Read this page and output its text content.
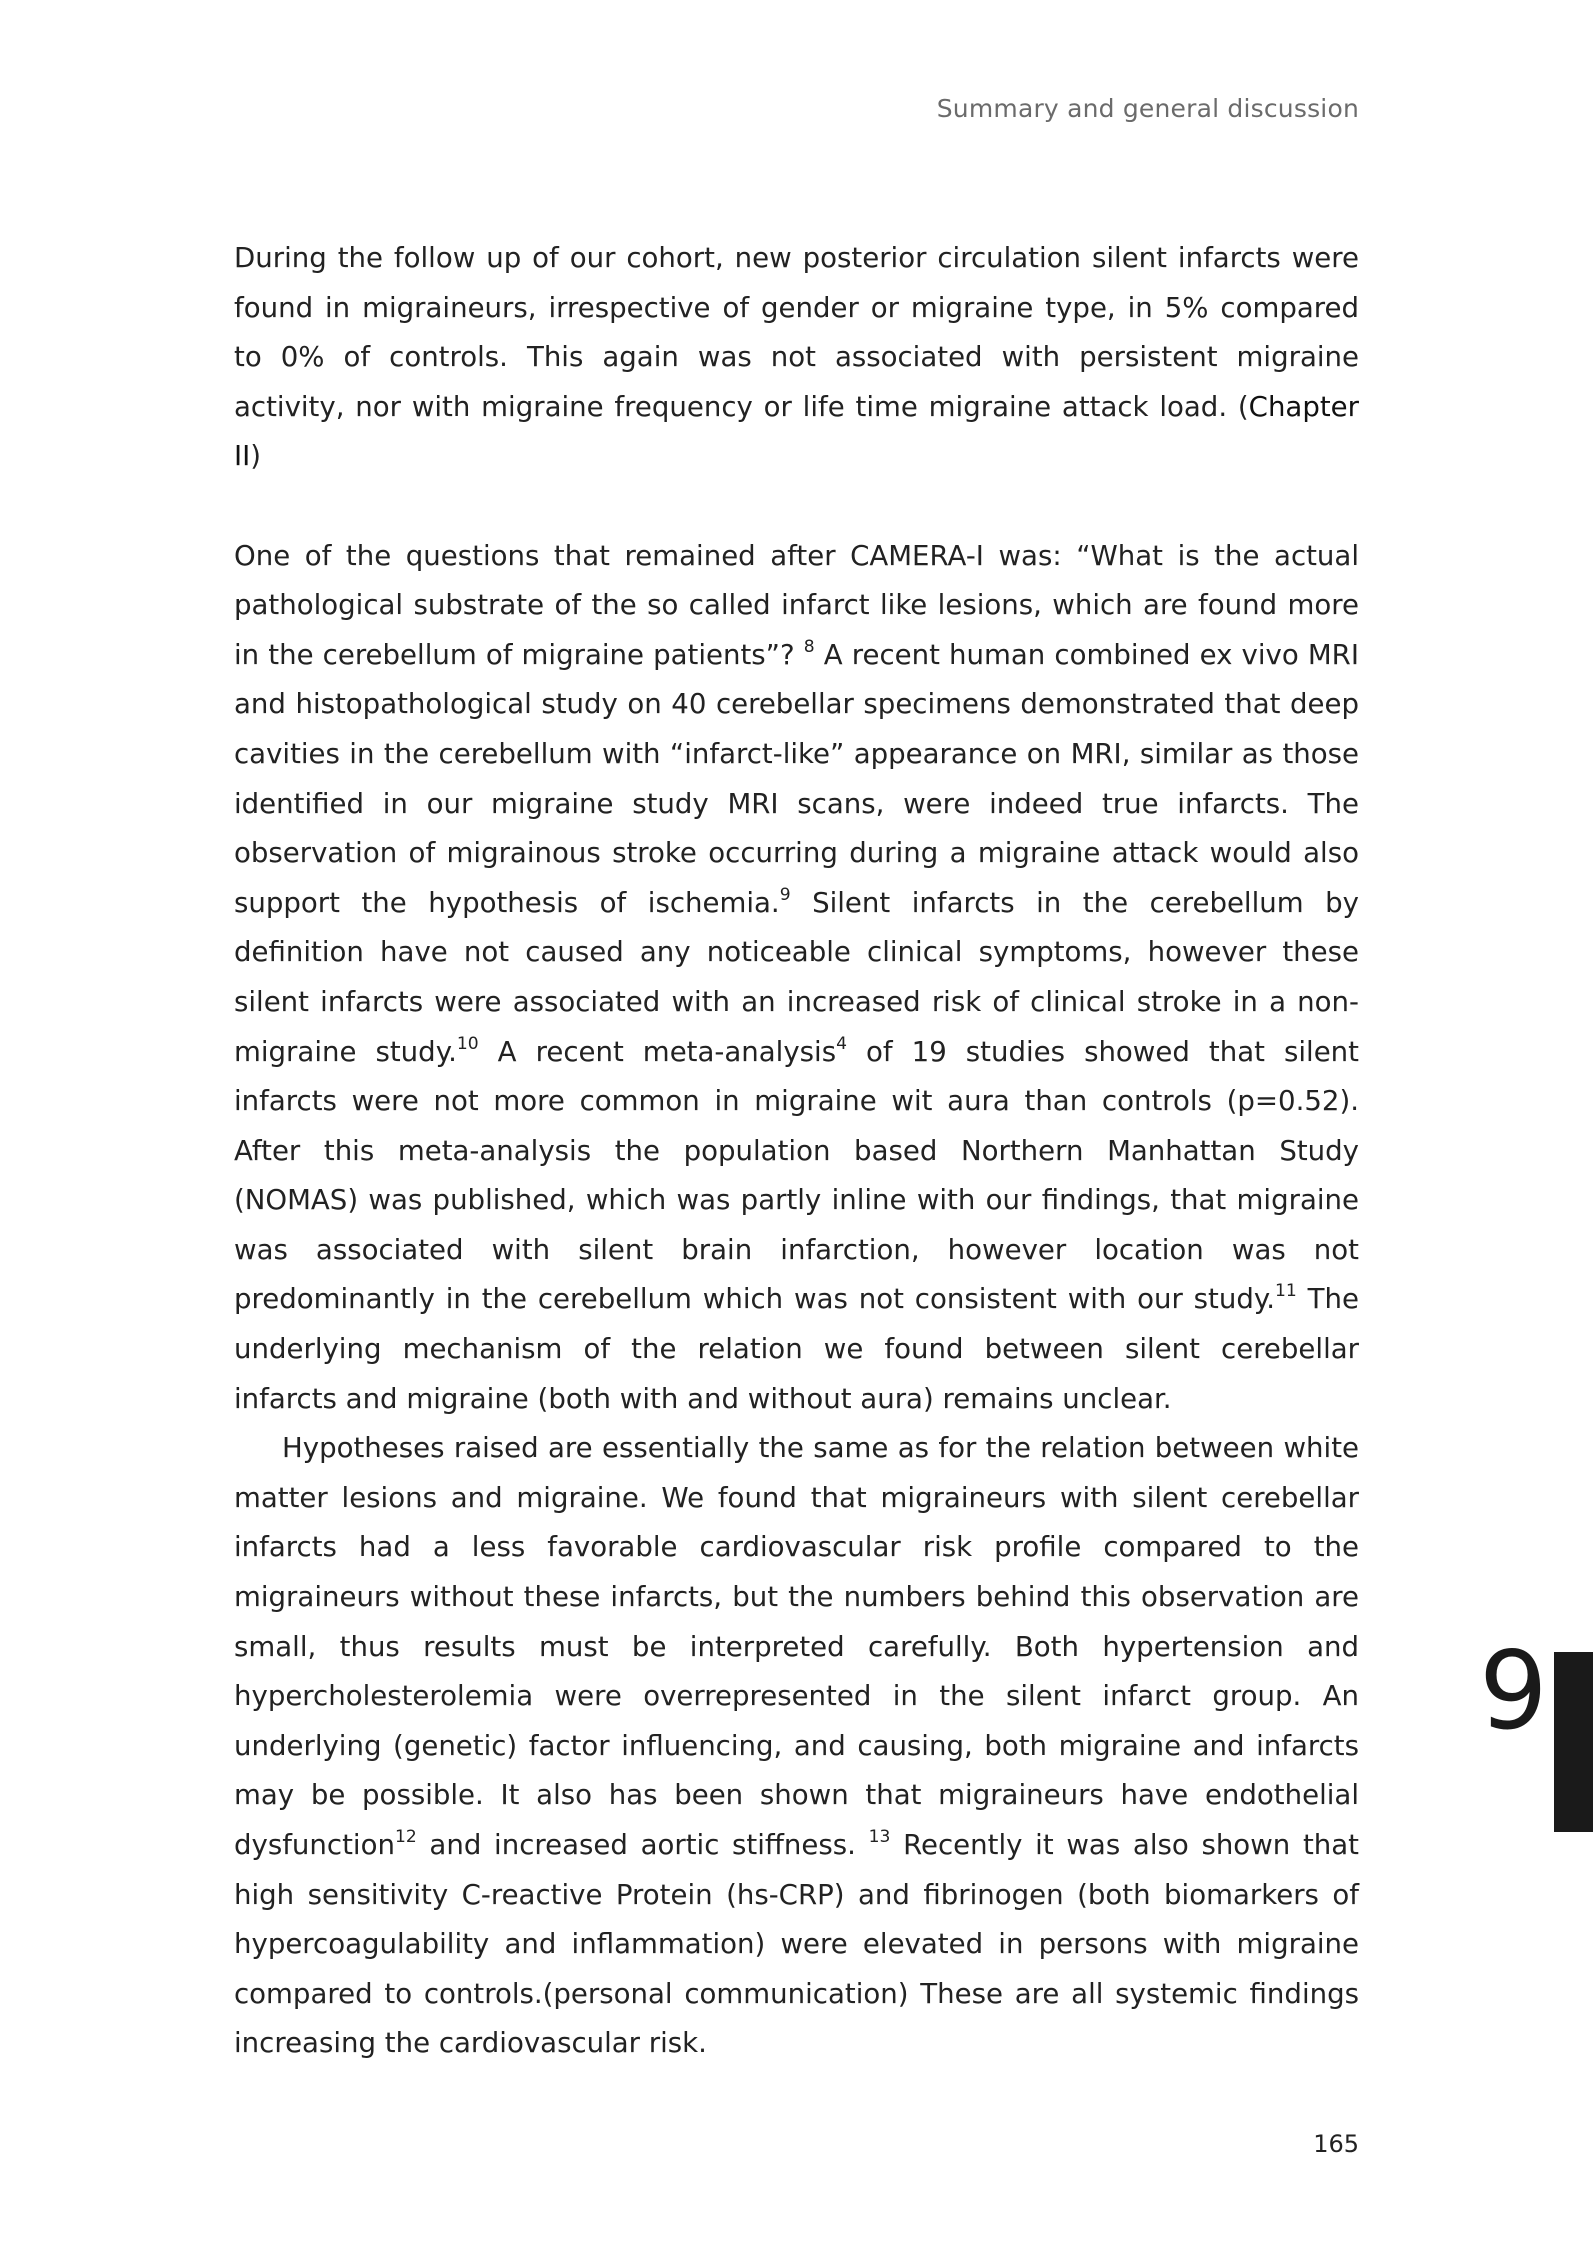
Summary and general discussion

During the follow up of our cohort, new posterior circulation silent infarcts were found in migraineurs, irrespective of gender or migraine type, in 5% compared to 0% of controls. This again was not associated with persistent migraine activity, nor with migraine frequency or life time migraine attack load. (Chapter II)

One of the questions that remained after CAMERA-I was: “What is the actual pathological substrate of the so called infarct like lesions, which are found more in the cerebellum of migraine patients”? $^8$ A recent human combined ex vivo MRI and histopathological study on 40 cerebellar specimens demonstrated that deep cavities in the cerebellum with “infarct-like” appearance on MRI, similar as those identified in our migraine study MRI scans, were indeed true infarcts. The observation of migrainous stroke occurring during a migraine attack would also support the hypothesis of ischemia.$^9$ Silent infarcts in the cerebellum by definition have not caused any noticeable clinical symptoms, however these silent infarcts were associated with an increased risk of clinical stroke in a non-migraine study.$^{10}$ A recent meta-analysis$^4$ of 19 studies showed that silent infarcts were not more common in migraine wit aura than controls (p=0.52). After this meta-analysis the population based Northern Manhattan Study (NOMAS) was published, which was partly inline with our findings, that migraine was associated with silent brain infarction, however location was not predominantly in the cerebellum which was not consistent with our study.$^{11}$ The underlying mechanism of the relation we found between silent cerebellar infarcts and migraine (both with and without aura) remains unclear.

Hypotheses raised are essentially the same as for the relation between white matter lesions and migraine. We found that migraineurs with silent cerebellar infarcts had a less favorable cardiovascular risk profile compared to the migraineurs without these infarcts, but the numbers behind this observation are small, thus results must be interpreted carefully. Both hypertension and hypercholesterolemia were overrepresented in the silent infarct group. An underlying (genetic) factor influencing, and causing, both migraine and infarcts may be possible. It also has been shown that migraineurs have endothelial dysfunction$^{12}$ and increased aortic stiffness. $^{13}$ Recently it was also shown that high sensitivity C-reactive Protein (hs-CRP) and fibrinogen (both biomarkers of hypercoagulability and inflammation) were elevated in persons with migraine compared to controls.(personal communication) These are all systemic findings increasing the cardiovascular risk.

9
165
